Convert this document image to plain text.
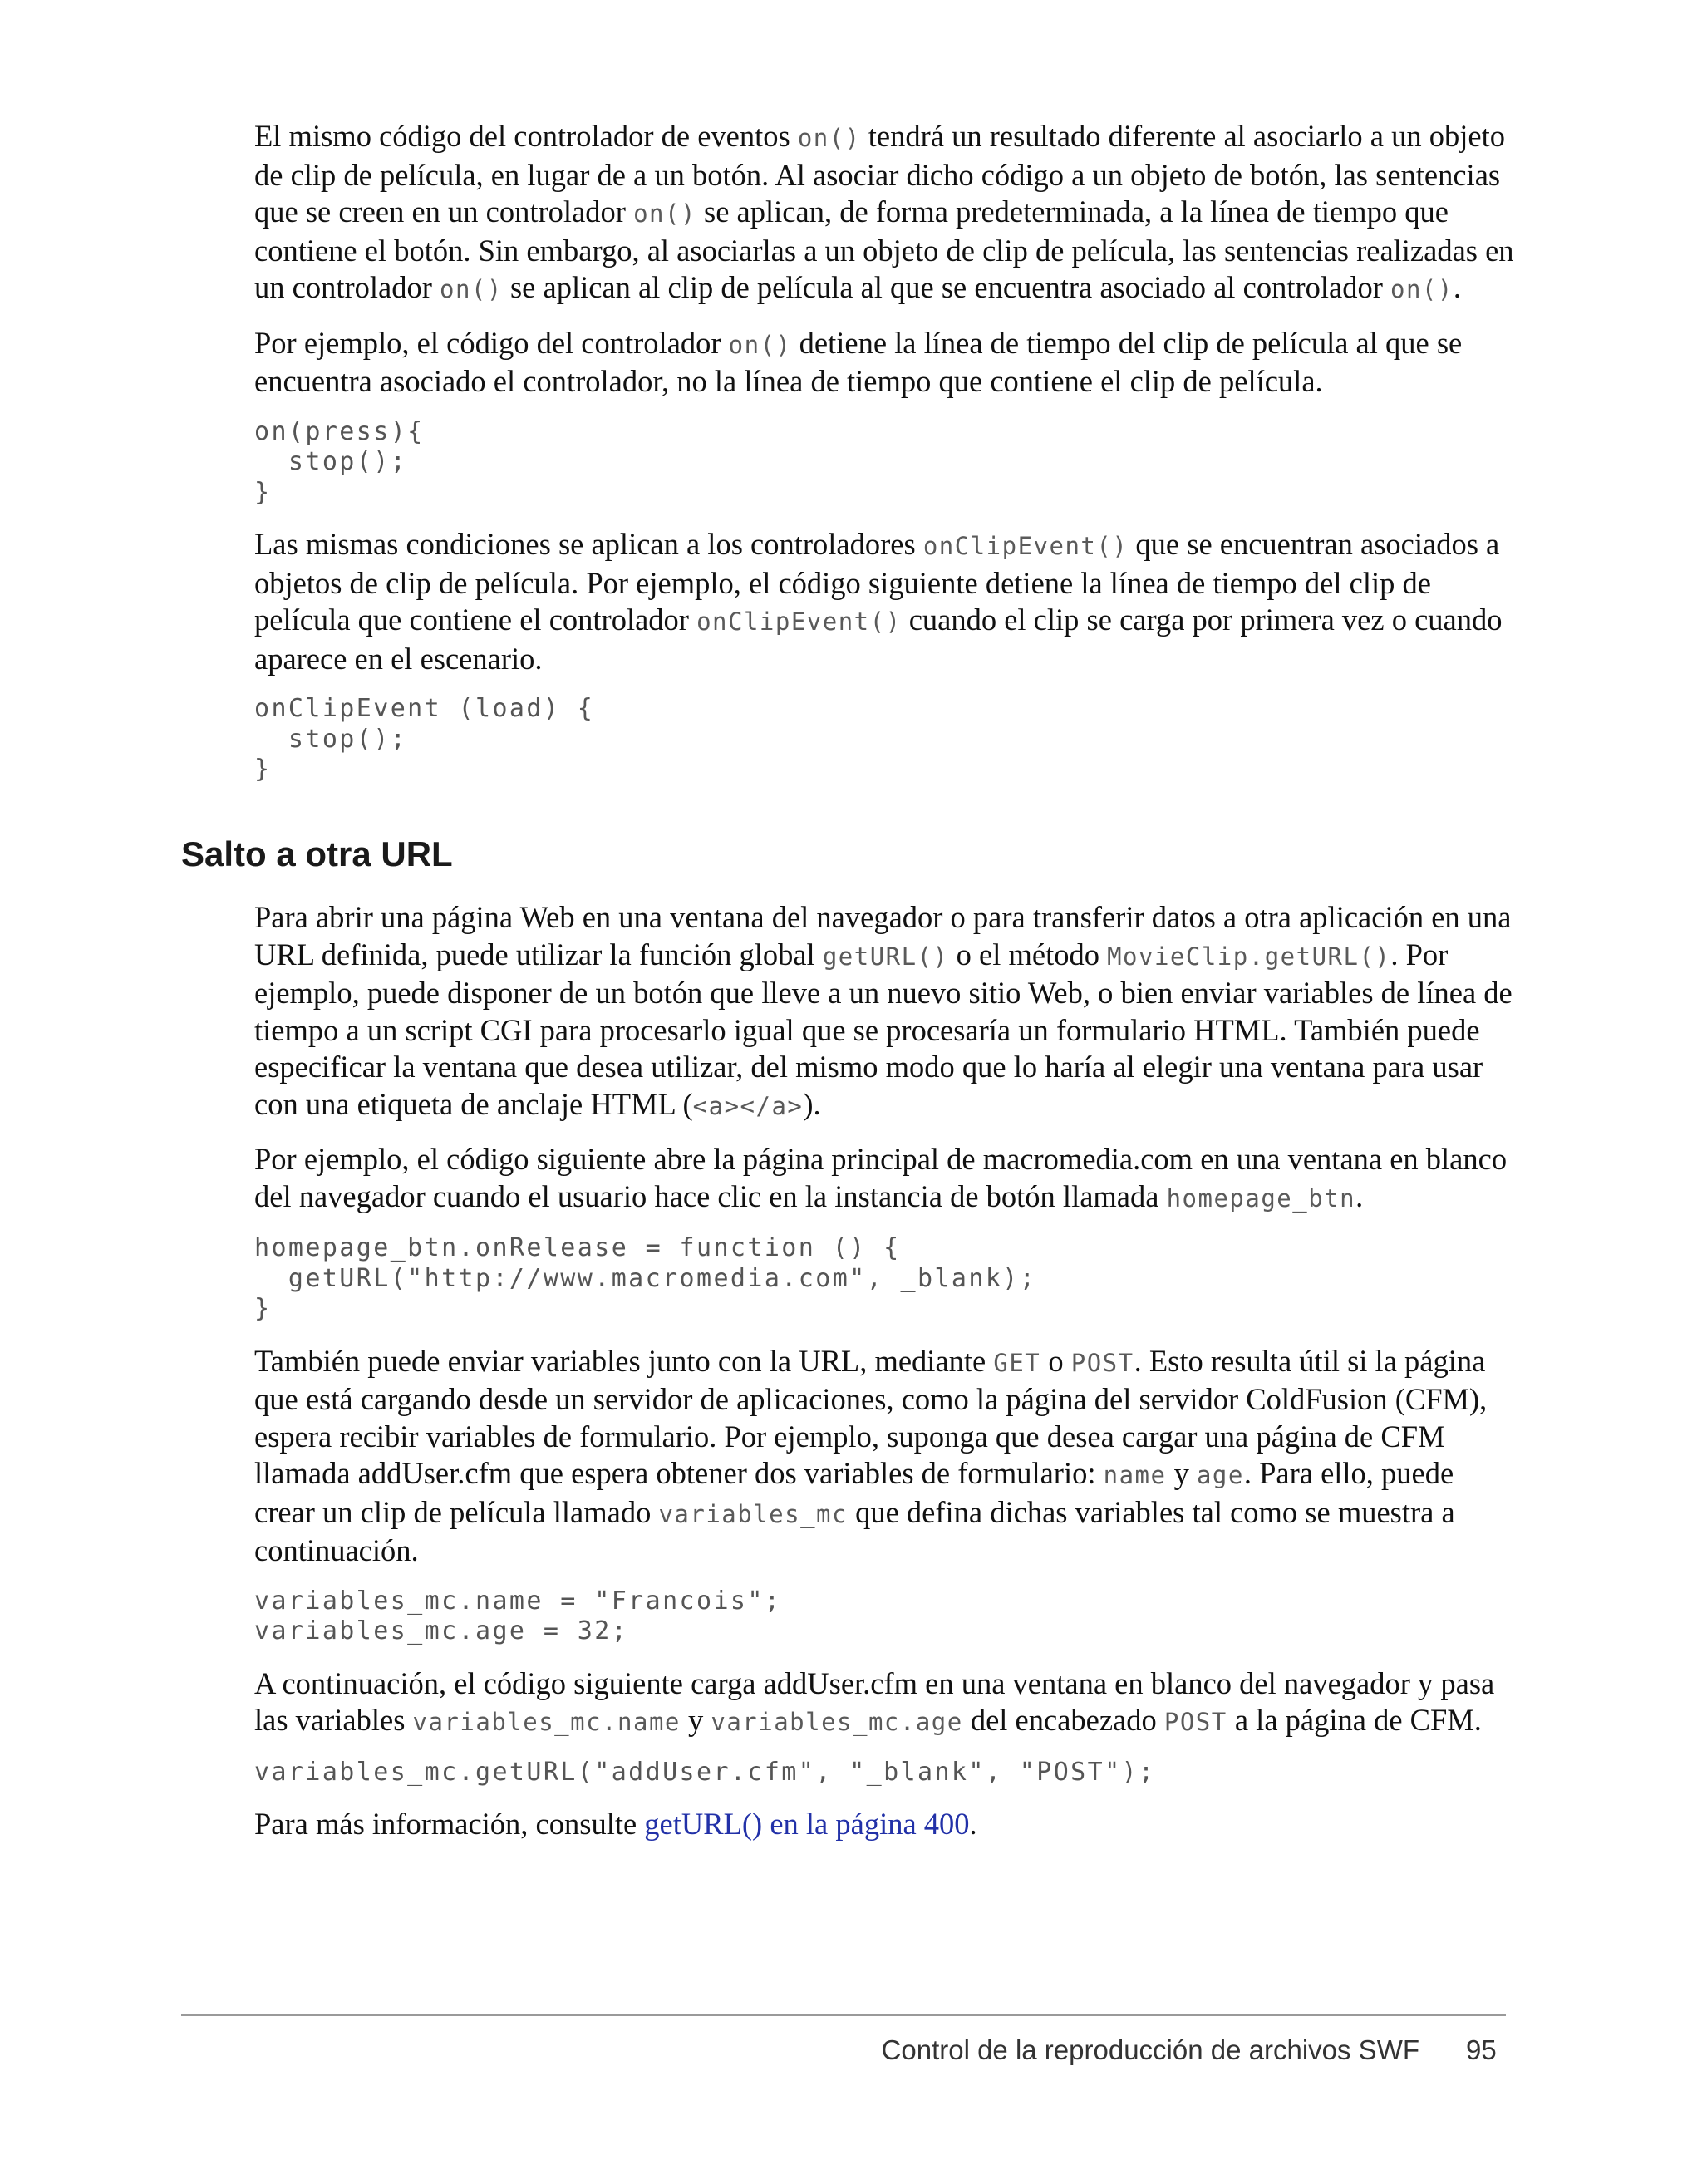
El mismo código del controlador de eventos on() tendrá un resultado diferente al asociarlo a un objeto de clip de película, en lugar de a un botón. Al asociar dicho código a un objeto de botón, las sentencias que se creen en un controlador on() se aplican, de forma predeterminada, a la línea de tiempo que contiene el botón. Sin embargo, al asociarlas a un objeto de clip de película, las sentencias realizadas en un controlador on() se aplican al clip de película al que se encuentra asociado al controlador on().

Por ejemplo, el código del controlador on() detiene la línea de tiempo del clip de película al que se encuentra asociado el controlador, no la línea de tiempo que contiene el clip de película.

on(press){
stop();
}

Las mismas condiciones se aplican a los controladores onClipEvent() que se encuentran asociados a objetos de clip de película. Por ejemplo, el código siguiente detiene la línea de tiempo del clip de película que contiene el controlador onClipEvent() cuando el clip se carga por primera vez o cuando aparece en el escenario.

onClipEvent (load) {
stop();
}
Salto a otra URL

Para abrir una página Web en una ventana del navegador o para transferir datos a otra aplicación en una URL definida, puede utilizar la función global getURL() o el método MovieClip.getURL(). Por ejemplo, puede disponer de un botón que lleve a un nuevo sitio Web, o bien enviar variables de línea de tiempo a un script CGI para procesarlo igual que se procesaría un formulario HTML. También puede especificar la ventana que desea utilizar, del mismo modo que lo haría al elegir una ventana para usar con una etiqueta de anclaje HTML (<a></a>).

Por ejemplo, el código siguiente abre la página principal de macromedia.com en una ventana en blanco del navegador cuando el usuario hace clic en la instancia de botón llamada homepage_btn.

homepage_btn.onRelease = function () {
getURL("http://www.macromedia.com", _blank);
}

También puede enviar variables junto con la URL, mediante GET o POST. Esto resulta útil si la página que está cargando desde un servidor de aplicaciones, como la página del servidor ColdFusion (CFM), espera recibir variables de formulario. Por ejemplo, suponga que desea cargar una página de CFM llamada addUser.cfm que espera obtener dos variables de formulario: name y age. Para ello, puede crear un clip de película llamado variables_mc que defina dichas variables tal como se muestra a continuación.

variables_mc.name = "Francois";
variables_mc.age = 32;

A continuación, el código siguiente carga addUser.cfm en una ventana en blanco del navegador y pasa las variables variables_mc.name y variables_mc.age del encabezado POST a la página de CFM.

variables_mc.getURL("addUser.cfm", "_blank", "POST");

Para más información, consulte getURL() en la página 400.

Control de la reproducción de archivos SWF 95
